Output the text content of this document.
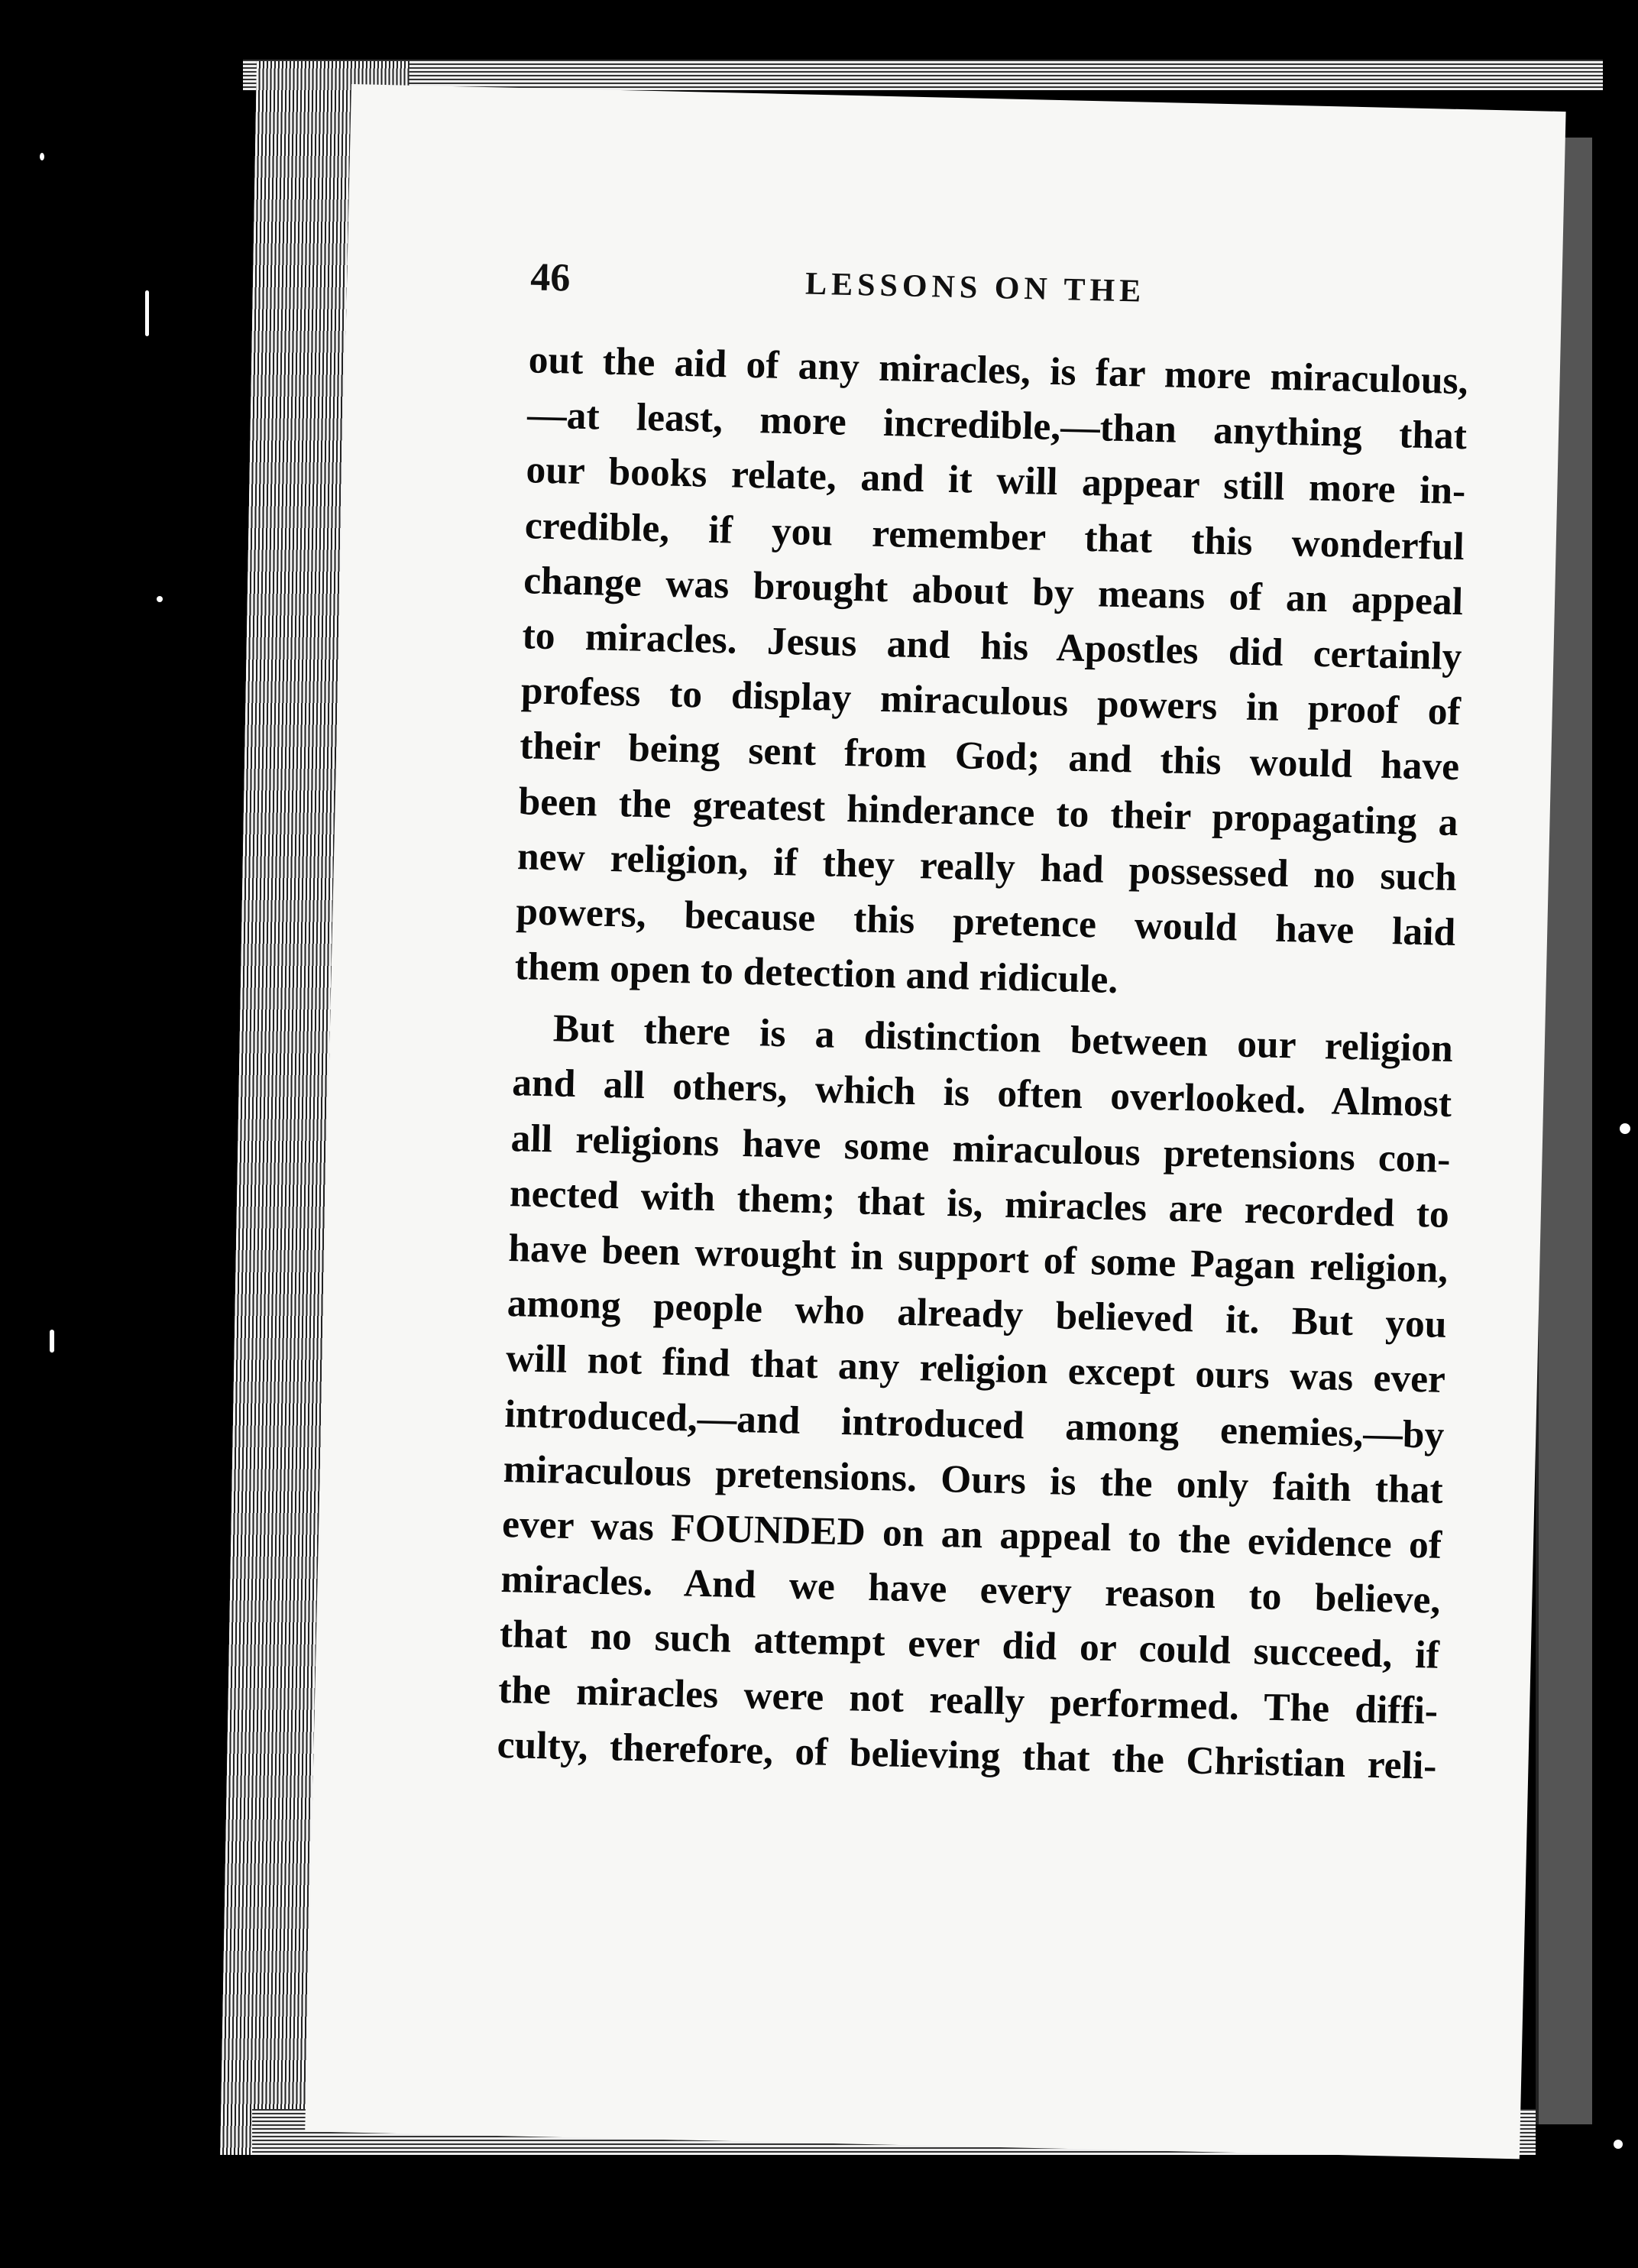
46	LESSONS ON THE
out the aid of any miracles, is far more miraculous,
—at least, more incredible,—than anything that
our books relate, and it will appear still more in-
credible, if you remember that this wonderful
change was brought about by means of an appeal
to miracles. Jesus and his Apostles did certainly
profess to display miraculous powers in proof of
their being sent from God; and this would have
been the greatest hinderance to their propagating a
new religion, if they really had possessed no such
powers, because this pretence would have laid
them open to detection and ridicule.
But there is a distinction between our religion
and all others, which is often overlooked. Almost
all religions have some miraculous pretensions con-
nected with them; that is, miracles are recorded to
have been wrought in support of some Pagan religion,
among people who already believed it. But you
will not find that any religion except ours was ever
introduced,—and introduced among enemies,—by
miraculous pretensions. Ours is the only faith that
ever was FOUNDED on an appeal to the evidence of
miracles. And we have every reason to believe,
that no such attempt ever did or could succeed, if
the miracles were not really performed. The diffi-
culty, therefore, of believing that the Christian reli-
